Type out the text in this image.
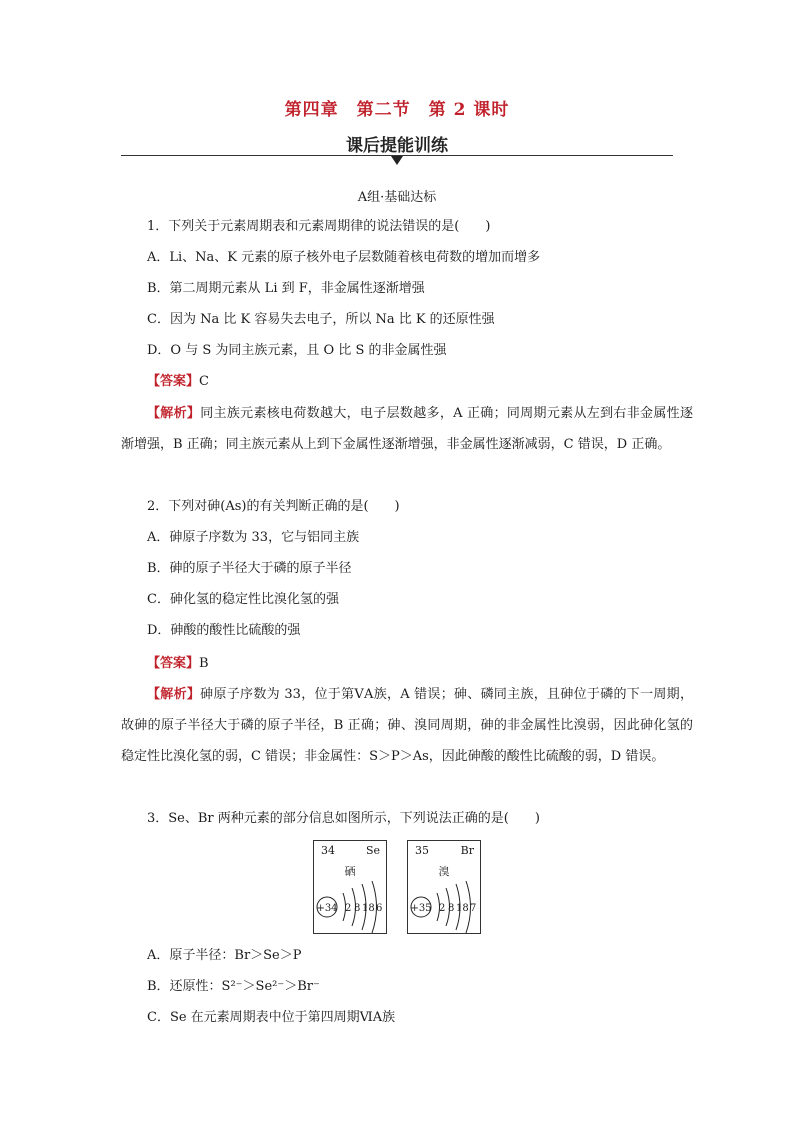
第四章　第二节　第 2 课时
课后提能训练
A组·基础达标
1．下列关于元素周期表和元素周期律的说法错误的是(　　)
A．Li、Na、K 元素的原子核外电子层数随着核电荷数的增加而增多
B．第二周期元素从 Li 到 F，非金属性逐渐增强
C．因为 Na 比 K 容易失去电子，所以 Na 比 K 的还原性强
D．O 与 S 为同主族元素，且 O 比 S 的非金属性强
【答案】C
【解析】同主族元素核电荷数越大，电子层数越多，A 正确；同周期元素从左到右非金属性逐渐增强，B 正确；同主族元素从上到下金属性逐渐增强，非金属性逐渐减弱，C 错误，D 正确。
2．下列对砷(As)的有关判断正确的是(　　)
A．砷原子序数为 33，它与铝同主族
B．砷的原子半径大于磷的原子半径
C．砷化氢的稳定性比溴化氢的强
D．砷酸的酸性比硫酸的强
【答案】B
【解析】砷原子序数为 33，位于第ⅤA族，A 错误；砷、磷同主族，且砷位于磷的下一周期，故砷的原子半径大于磷的原子半径，B 正确；砷、溴同周期，砷的非金属性比溴弱，因此砷化氢的稳定性比溴化氢的弱，C 错误；非金属性：S＞P＞As，因此砷酸的酸性比硫酸的弱，D 错误。
3．Se、Br 两种元素的部分信息如图所示，下列说法正确的是(　　)
34	Se
硒
+34 2 8 18 6
35	Br
溴
+35 2 8 18 7
A．原子半径：Br＞Se＞P
B．还原性：S²⁻＞Se²⁻＞Br⁻
C．Se 在元素周期表中位于第四周期ⅥA族
